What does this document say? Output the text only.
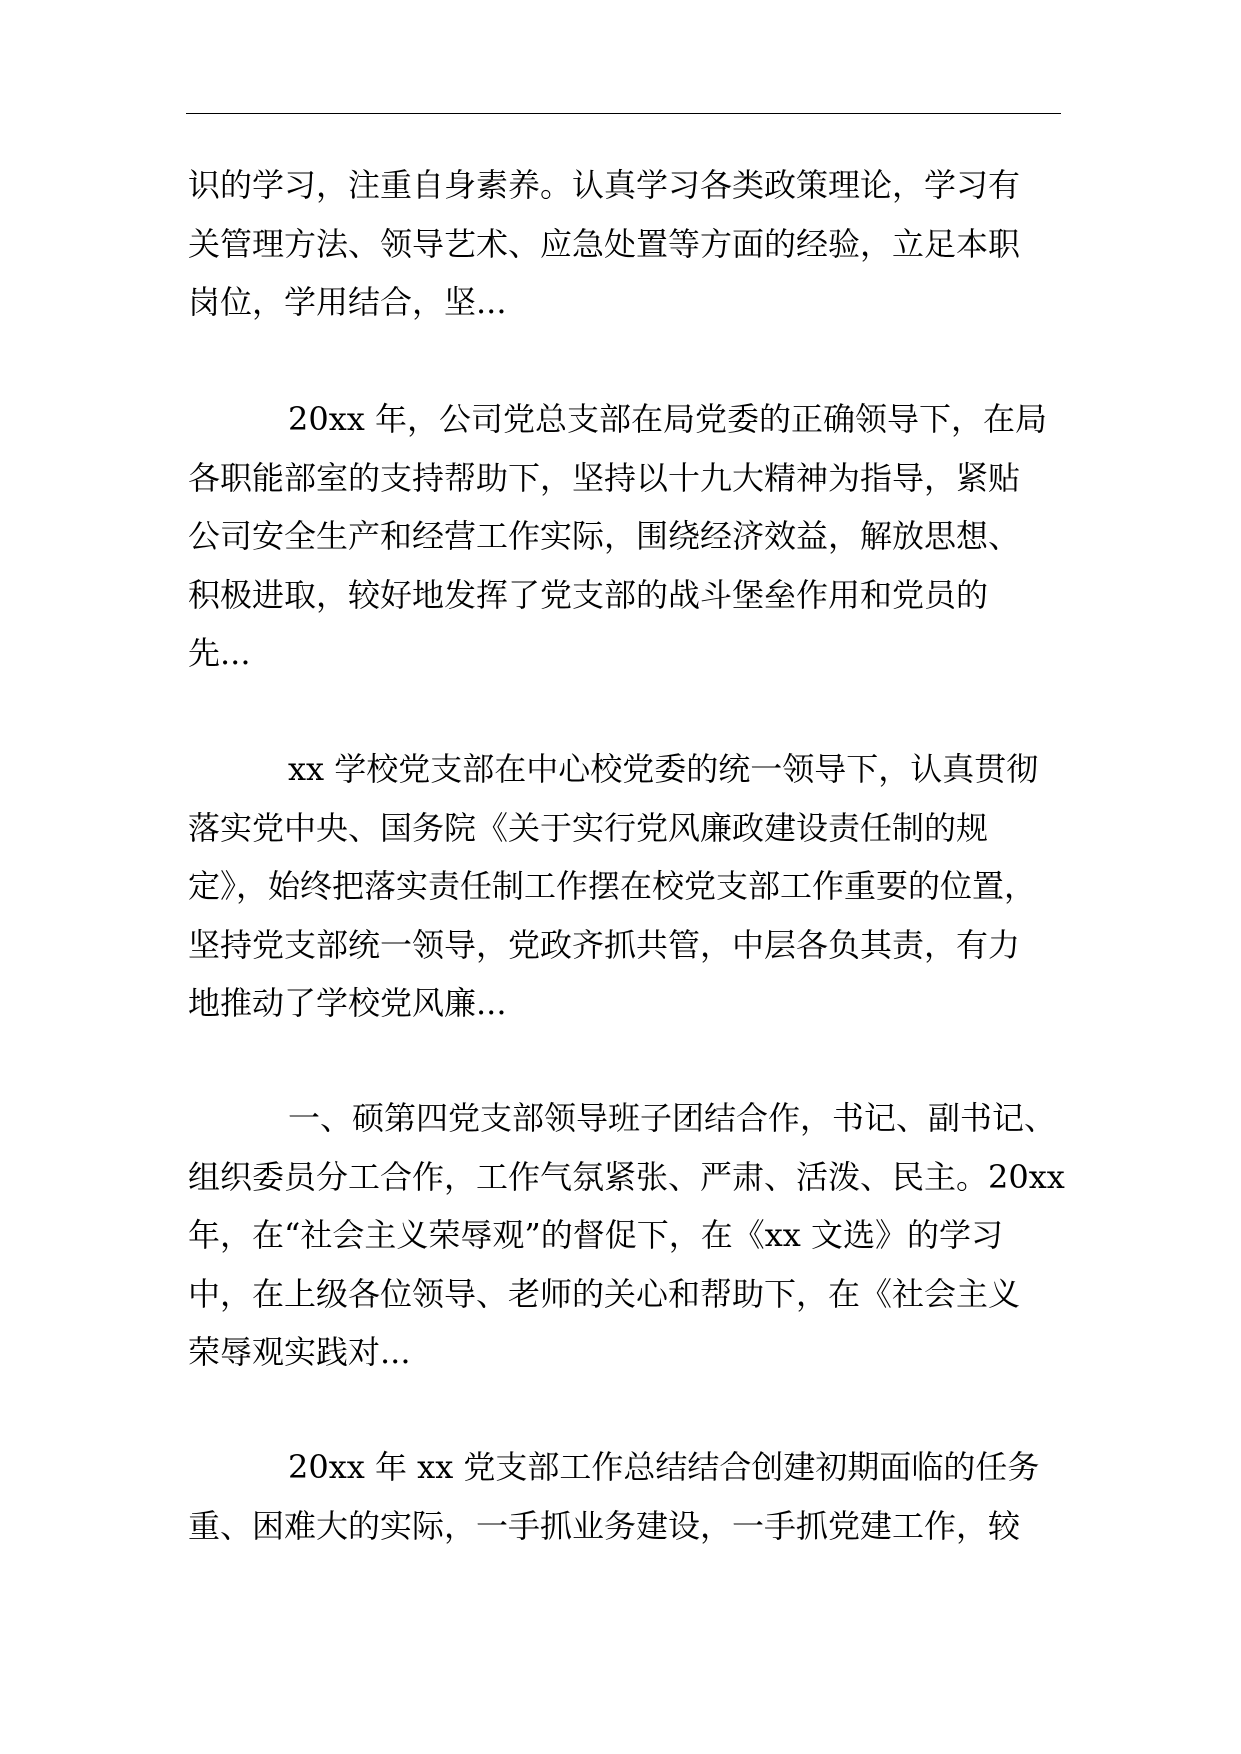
识的学习，注重自身素养。认真学习各类政策理论，学习有
关管理方法、领导艺术、应急处置等方面的经验，立足本职
岗位，学用结合，坚...

20xx 年，公司党总支部在局党委的正确领导下，在局
各职能部室的支持帮助下，坚持以十九大精神为指导，紧贴
公司安全生产和经营工作实际，围绕经济效益，解放思想、
积极进取，较好地发挥了党支部的战斗堡垒作用和党员的
先...

xx 学校党支部在中心校党委的统一领导下，认真贯彻
落实党中央、国务院《关于实行党风廉政建设责任制的规
定》，始终把落实责任制工作摆在校党支部工作重要的位置，
坚持党支部统一领导，党政齐抓共管，中层各负其责，有力
地推动了学校党风廉...

一、硕第四党支部领导班子团结合作，书记、副书记、
组织委员分工合作，工作气氛紧张、严肃、活泼、民主。20xx
年，在“社会主义荣辱观”的督促下，在《xx 文选》的学习
中，在上级各位领导、老师的关心和帮助下，在《社会主义
荣辱观实践对...

20xx 年 xx 党支部工作总结结合创建初期面临的任务
重、困难大的实际，一手抓业务建设，一手抓党建工作，较
